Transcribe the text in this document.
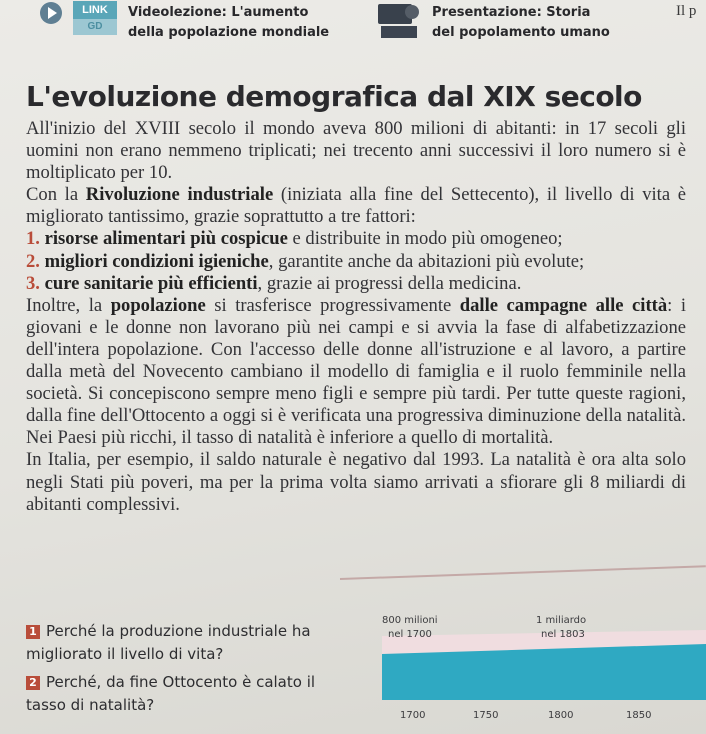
LINK
GD
Videolezione: L'aumento
della popolazione mondiale
Presentazione: Storia
del popolamento umano
Il p
L'evoluzione demografica dal XIX secolo

All'inizio del XVIII secolo il mondo aveva 800 milioni di abitanti: in 17 secoli gli uomini non erano nemmeno triplicati; nei trecento anni successivi il loro numero si è moltiplicato per 10.

Con la Rivoluzione industriale (iniziata alla fine del Settecento), il livello di vita è migliorato tantissimo, grazie soprattutto a tre fattori:

1. risorse alimentari più cospicue e distribuite in modo più omogeneo;

2. migliori condizioni igieniche, garantite anche da abitazioni più evolute;

3. cure sanitarie più efficienti, grazie ai progressi della medicina.

Inoltre, la popolazione si trasferisce progressivamente dalle campagne alle città: i giovani e le donne non lavorano più nei campi e si avvia la fase di alfabetizzazione dell'intera popolazione. Con l'accesso delle donne all'istruzione e al lavoro, a partire dalla metà del Novecento cambiano il modello di famiglia e il ruolo femminile nella società. Si concepiscono sempre meno figli e sempre più tardi. Per tutte queste ragioni, dalla fine dell'Ottocento a oggi si è verificata una progressiva diminuzione della natalità. Nei Paesi più ricchi, il tasso di natalità è inferiore a quello di mortalità.

In Italia, per esempio, il saldo naturale è negativo dal 1993. La natalità è ora alta solo negli Stati più poveri, ma per la prima volta siamo arrivati a sfiorare gli 8 miliardi di abitanti complessivi.

1 Perché la produzione industriale ha migliorato il livello di vita?
2 Perché, da fine Ottocento è calato il tasso di natalità?
800 milioni
nel 1700
1 miliardo
nel 1803
1700	1750	1800	1850
